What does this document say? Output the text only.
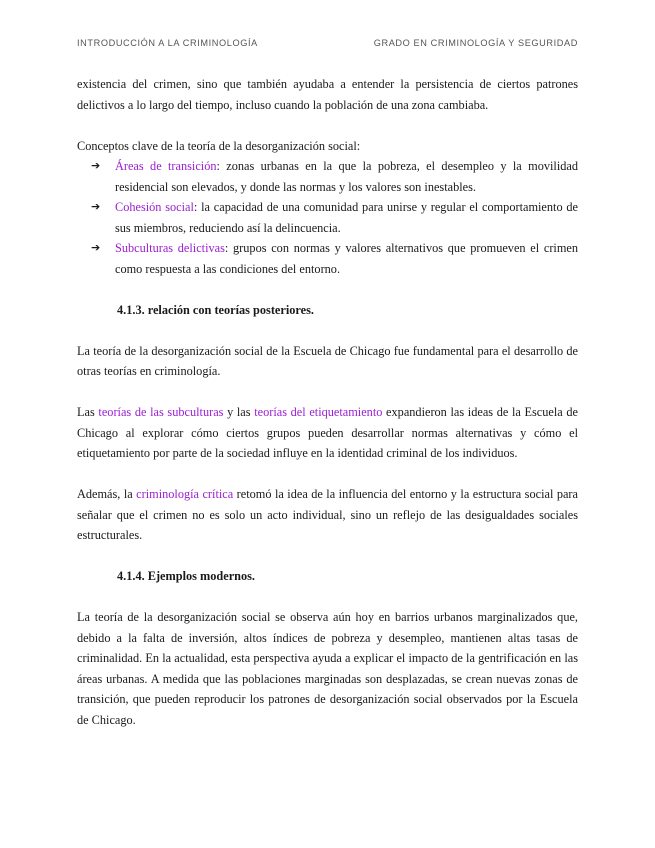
INTRODUCCIÓN A LA CRIMINOLOGÍA	GRADO EN CRIMINOLOGÍA Y SEGURIDAD

existencia del crimen, sino que también ayudaba a entender la persistencia de ciertos patrones delictivos a lo largo del tiempo, incluso cuando la población de una zona cambiaba.

Conceptos clave de la teoría de la desorganización social:

➔ Áreas de transición: zonas urbanas en la que la pobreza, el desempleo y la movilidad residencial son elevados, y donde las normas y los valores son inestables.
➔ Cohesión social: la capacidad de una comunidad para unirse y regular el comportamiento de sus miembros, reduciendo así la delincuencia.
➔ Subculturas delictivas: grupos con normas y valores alternativos que promueven el crimen como respuesta a las condiciones del entorno.
4.1.3. relación con teorías posteriores.

La teoría de la desorganización social de la Escuela de Chicago fue fundamental para el desarrollo de otras teorías en criminología.

Las teorías de las subculturas y las teorías del etiquetamiento expandieron las ideas de la Escuela de Chicago al explorar cómo ciertos grupos pueden desarrollar normas alternativas y cómo el etiquetamiento por parte de la sociedad influye en la identidad criminal de los individuos.

Además, la criminología crítica retomó la idea de la influencia del entorno y la estructura social para señalar que el crimen no es solo un acto individual, sino un reflejo de las desigualdades sociales estructurales.

4.1.4. Ejemplos modernos.

La teoría de la desorganización social se observa aún hoy en barrios urbanos marginalizados que, debido a la falta de inversión, altos índices de pobreza y desempleo, mantienen altas tasas de criminalidad. En la actualidad, esta perspectiva ayuda a explicar el impacto de la gentrificación en las áreas urbanas. A medida que las poblaciones marginadas son desplazadas, se crean nuevas zonas de transición, que pueden reproducir los patrones de desorganización social observados por la Escuela de Chicago.
